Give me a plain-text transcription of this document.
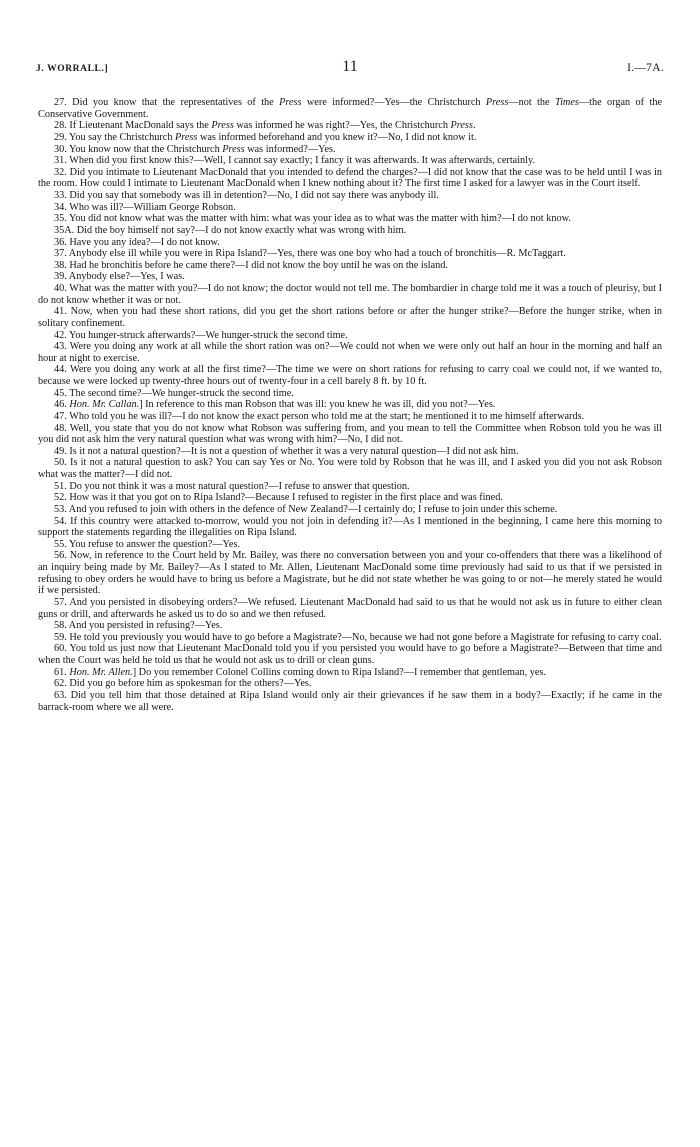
J. WORRALL.]	11	I.—7A.

27. Did you know that the representatives of the Press were informed?—Yes—the Christchurch Press—not the Times—the organ of the Conservative Government.

28. If Lieutenant MacDonald says the Press was informed he was right?—Yes, the Christchurch Press.

29. You say the Christchurch Press was informed beforehand and you knew it?—No, I did not know it.

30. You know now that the Christchurch Press was informed?—Yes.

31. When did you first know this?—Well, I cannot say exactly; I fancy it was afterwards. It was afterwards, certainly.

32. Did you intimate to Lieutenant MacDonald that you intended to defend the charges?—I did not know that the case was to be held until I was in the room. How could I intimate to Lieutenant MacDonald when I knew nothing about it? The first time I asked for a lawyer was in the Court itself.

33. Did you say that somebody was ill in detention?—No, I did not say there was anybody ill.

34. Who was ill?—William George Robson.

35. You did not know what was the matter with him: what was your idea as to what was the matter with him?—I do not know.

35A. Did the boy himself not say?—I do not know exactly what was wrong with him.

36. Have you any idea?—I do not know.

37. Anybody else ill while you were in Ripa Island?—Yes, there was one boy who had a touch of bronchitis—R. McTaggart.

38. Had he bronchitis before he came there?—I did not know the boy until he was on the island.

39. Anybody else?—Yes, I was.

40. What was the matter with you?—I do not know; the doctor would not tell me. The bombardier in charge told me it was a touch of pleurisy, but I do not know whether it was or not.

41. Now, when you had these short rations, did you get the short rations before or after the hunger strike?—Before the hunger strike, when in solitary confinement.

42. You hunger-struck afterwards?—We hunger-struck the second time.

43. Were you doing any work at all while the short ration was on?—We could not when we were only out half an hour in the morning and half an hour at night to exercise.

44. Were you doing any work at all the first time?—The time we were on short rations for refusing to carry coal we could not, if we wanted to, because we were locked up twenty-three hours out of twenty-four in a cell barely 8 ft. by 10 ft.

45. The second time?—We hunger-struck the second time.

46. Hon. Mr. Callan.] In reference to this man Robson that was ill: you knew he was ill, did you not?—Yes.

47. Who told you he was ill?—I do not know the exact person who told me at the start; he mentioned it to me himself afterwards.

48. Well, you state that you do not know what Robson was suffering from, and you mean to tell the Committee when Robson told you he was ill you did not ask him the very natural question what was wrong with him?—No, I did not.

49. Is it not a natural question?—It is not a question of whether it was a very natural question—I did not ask him.

50. Is it not a natural question to ask? You can say Yes or No. You were told by Robson that he was ill, and I asked you did you not ask Robson what was the matter?—I did not.

51. Do you not think it was a most natural question?—I refuse to answer that question.

52. How was it that you got on to Ripa Island?—Because I refused to register in the first place and was fined.

53. And you refused to join with others in the defence of New Zealand?—I certainly do; I refuse to join under this scheme.

54. If this country were attacked to-morrow, would you not join in defending it?—As I mentioned in the beginning, I came here this morning to support the statements regarding the illegalities on Ripa Island.

55. You refuse to answer the question?—Yes.

56. Now, in reference to the Court held by Mr. Bailey, was there no conversation between you and your co-offenders that there was a likelihood of an inquiry being made by Mr. Bailey?—As I stated to Mr. Allen, Lieutenant MacDonald some time previously had said to us that if we persisted in refusing to obey orders he would have to bring us before a Magistrate, but he did not state whether he was going to or not—he merely stated he would if we persisted.

57. And you persisted in disobeying orders?—We refused. Lieutenant MacDonald had said to us that he would not ask us in future to either clean guns or drill, and afterwards he asked us to do so and we then refused.

58. And you persisted in refusing?—Yes.

59. He told you previously you would have to go before a Magistrate?—No, because we had not gone before a Magistrate for refusing to carry coal.

60. You told us just now that Lieutenant MacDonald told you if you persisted you would have to go before a Magistrate?—Between that time and when the Court was held he told us that he would not ask us to drill or clean guns.

61. Hon. Mr. Allen.] Do you remember Colonel Collins coming down to Ripa Island?—I remember that gentleman, yes.

62. Did you go before him as spokesman for the others?—Yes.

63. Did you tell him that those detained at Ripa Island would only air their grievances if he saw them in a body?—Exactly; if he came in the barrack-room where we all were.
